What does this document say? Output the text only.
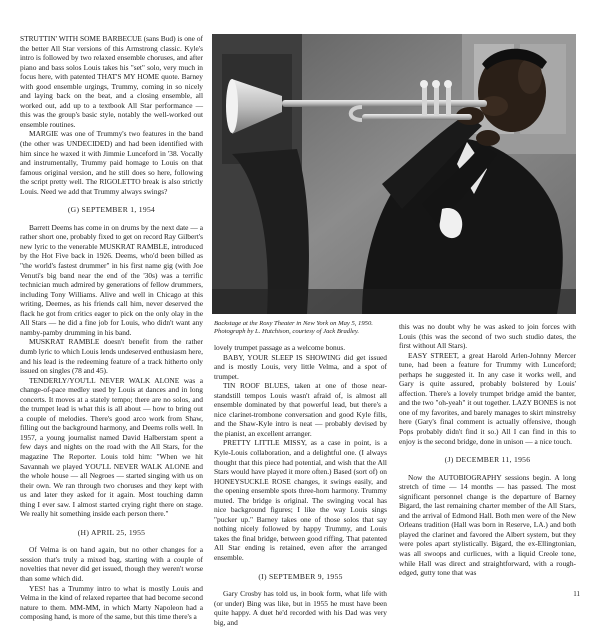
STRUTTIN' WITH SOME BARBECUE (sans Bud) is one of the better All Star versions of this Armstrong classic. Kyle's intro is followed by two relaxed ensemble choruses, and after piano and bass solos Louis takes his "set" solo, very much in focus here, with patented THAT'S MY HOME quote. Barney with good ensemble urgings, Trummy, coming in so nicely and laying back on the beat, and a closing ensemble, all worked out, add up to a textbook All Star performance — this was the group's basic style, notably the well-worked out ensemble routines.

MARGIE was one of Trummy's two features in the band (the other was UNDECIDED) and had been identified with him since he waxed it with Jimmie Lunceford in '38. Vocally and instrumentally, Trummy paid homage to Louis on that famous original version, and he still does so here, following the script pretty well. The RIGOLETTO break is also strictly Louis. Need we add that Trummy always swings?

(G) SEPTEMBER 1, 1954

Barrett Deems has come in on drums by the next date — a rather short one, probably fixed to get on record Ray Gilbert's new lyric to the venerable MUSKRAT RAMBLE, introduced by the Hot Five back in 1926. Deems, who'd been billed as "the world's fastest drummer" in his first name gig (with Joe Venuti's big band near the end of the '30s) was a terrific technician much admired by generations of fellow drummers, including Tony Williams. Alive and well in Chicago at this writing, Deemes, as his friends call him, never deserved the flack he got from critics eager to pick on the only olay in the All Stars — he did a fine job for Louis, who didn't want any namby-pamby drumming in his band.

MUSKRAT RAMBLE doesn't benefit from the rather dumb lyric to which Louis lends undeserved enthusiasm here, and his lead is the redeeming feature of a track hitherto only issued on singles (78 and 45).

TENDERLY/YOU'LL NEVER WALK ALONE was a change-of-pace medley used by Louis at dances and in long concerts. It moves at a stately tempo; there are no solos, and the trumpet lead is what this is all about — how to bring out a couple of melodies. There's good arco work from Shaw, filling out the background harmony, and Deems rolls well. In 1957, a young journalist named David Halberstam spent a few days and nights on the road with the All Stars, for the magazine The Reporter. Louis told him: "When we hit Savannah we played YOU'LL NEVER WALK ALONE and the whole house — all Negroes — started singing with us on their own. We ran through two choruses and they kept with us and later they asked for it again. Most touching damn thing I ever saw. I almost started crying right there on stage. We really hit something inside each person there."

(H) APRIL 25, 1955

Of Velma is on hand again, but no other changes for a session that's truly a mixed bag, starting with a couple of novelties that never did get issued, though they weren't worse than some which did.

YES! has a Trummy intro to what is mostly Louis and Velma in the kind of relaxed repartee that had become second nature to them. MM-MM, in which Marty Napoleon had a composing hand, is more of the same, but this time there's a

Backstage at the Roxy Theater in New York on May 5, 1950.
Photograph by L. Hutchison, courtesy of Jack Bradley.

lovely trumpet passage as a welcome bonus.

BABY, YOUR SLEEP IS SHOWING did get issued and is mostly Louis, very little Velma, and a spot of trumpet.

TIN ROOF BLUES, taken at one of those near-standstill tempos Louis wasn't afraid of, is almost all ensemble dominated by that powerful lead, but there's a nice clarinet-trombone conversation and good Kyle fills, and the Shaw-Kyle intro is neat — probably devised by the pianist, an excellent arranger.

PRETTY LITTLE MISSY, as a case in point, is a Kyle-Louis collaboration, and a delightful one. (I always thought that this piece had potential, and wish that the All Stars would have played it more often.) Based (sort of) on HONEYSUCKLE ROSE changes, it swings easily, and the opening ensemble spots three-horn harmony. Trummy muted. The bridge is original. The swinging vocal has nice background figures; I like the way Louis sings "pucker up." Barney takes one of those solos that say nothing nicely followed by happy Trummy, and Louis takes the final bridge, between good riffing. That patented All Star ending is retained, even after the arranged ensemble.

(I) SEPTEMBER 9, 1955

Gary Crosby has told us, in book form, what life with (or under) Bing was like, but in 1955 he must have been quite happy. A duet he'd recorded with his Dad was very big, and

this was no doubt why he was asked to join forces with Louis (this was the second of two such studio dates, the first without All Stars).

EASY STREET, a great Harold Arlen-Johnny Mercer tune, had been a feature for Trummy with Lunceford; perhaps he suggested it. In any case it works well, and Gary is quite assured, probably bolstered by Louis' affection. There's a lovely trumpet bridge amid the banter, and the two "oh-yeah" it out together. LAZY BONES is not one of my favorites, and barely manages to skirt minstrelsy here (Gary's final comment is actually offensive, though Pops probably didn't find it so.) All I can find in this to enjoy is the second bridge, done in unison — a nice touch.

(J) DECEMBER 11, 1956

Now the AUTOBIOGRAPHY sessions begin. A long stretch of time — 14 months — has passed. The most significant personnel change is the departure of Barney Bigard, the last remaining charter member of the All Stars, and the arrival of Edmond Hall. Both men were of the New Orleans tradition (Hall was born in Reserve, LA.) and both played the clarinet and favored the Albert system, but they were poles apart stylistically. Bigard, the ex-Ellingtonian, was all swoops and curlicues, with a liquid Creole tone, while Hall was direct and straightforward, with a rough-edged, gutty tone that was

11
